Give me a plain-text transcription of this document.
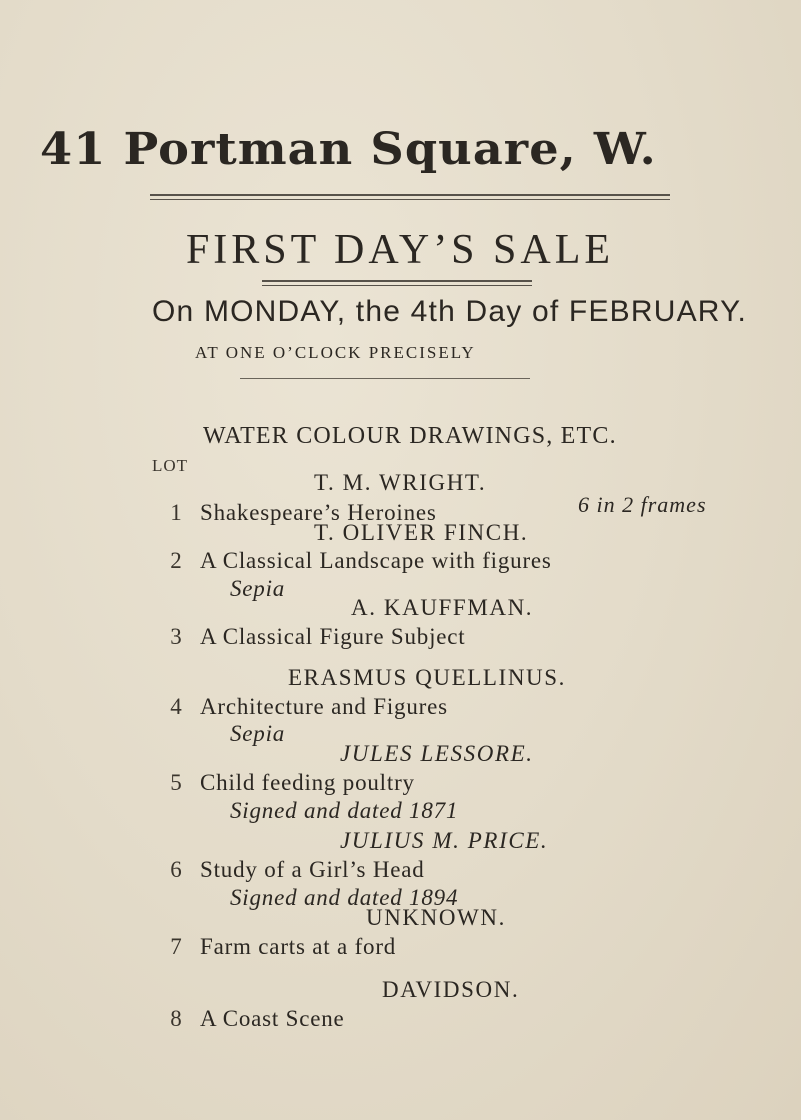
41 Portman Square, W.
FIRST DAY’S SALE
On MONDAY, the 4th Day of FEBRUARY.
AT ONE O’CLOCK PRECISELY
WATER COLOUR DRAWINGS, ETC.
LOT
T. M. WRIGHT.
1 Shakespeare’s Heroines	6 in 2 frames
T. OLIVER FINCH.
2 A Classical Landscape with figures
Sepia
A. KAUFFMAN.
3 A Classical Figure Subject
ERASMUS QUELLINUS.
4 Architecture and Figures
Sepia
JULES LESSORE.
5 Child feeding poultry
Signed and dated 1871
JULIUS M. PRICE.
6 Study of a Girl’s Head
Signed and dated 1894
UNKNOWN.
7 Farm carts at a ford
DAVIDSON.
8 A Coast Scene
